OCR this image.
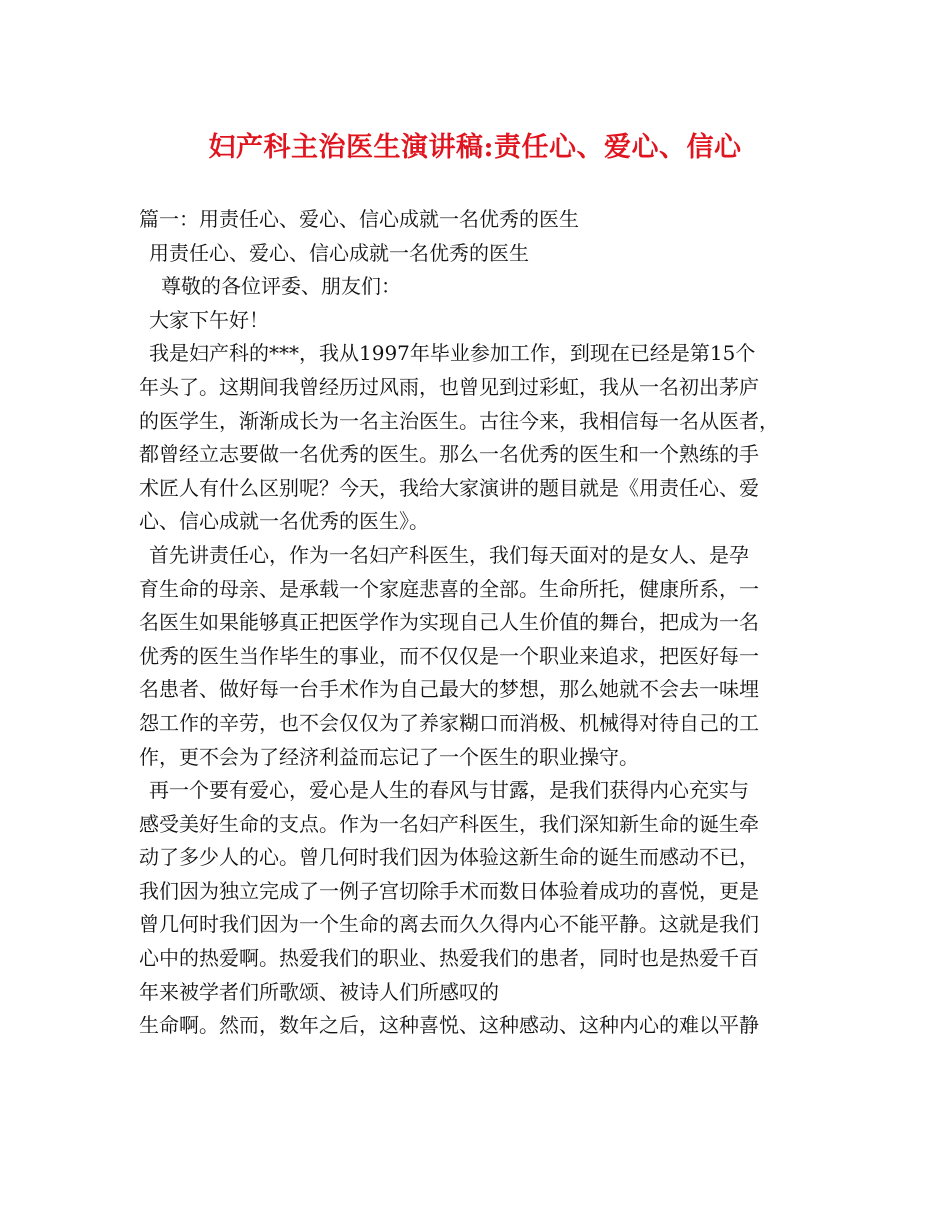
妇产科主治医生演讲稿:责任心、爱心、信心

篇一：用责任心、爱心、信心成就一名优秀的医生

用责任心、爱心、信心成就一名优秀的医生

尊敬的各位评委、朋友们：

大家下午好！

我是妇产科的***，我从1997年毕业参加工作，到现在已经是第15个

年头了。这期间我曾经历过风雨，也曾见到过彩虹，我从一名初出茅庐

的医学生，渐渐成长为一名主治医生。古往今来，我相信每一名从医者，

都曾经立志要做一名优秀的医生。那么一名优秀的医生和一个熟练的手

术匠人有什么区别呢？今天，我给大家演讲的题目就是《用责任心、爱

心、信心成就一名优秀的医生》。

首先讲责任心，作为一名妇产科医生，我们每天面对的是女人、是孕

育生命的母亲、是承载一个家庭悲喜的全部。生命所托，健康所系，一

名医生如果能够真正把医学作为实现自己人生价值的舞台，把成为一名

优秀的医生当作毕生的事业，而不仅仅是一个职业来追求，把医好每一

名患者、做好每一台手术作为自己最大的梦想，那么她就不会去一味埋

怨工作的辛劳，也不会仅仅为了养家糊口而消极、机械得对待自己的工

作，更不会为了经济利益而忘记了一个医生的职业操守。

再一个要有爱心，爱心是人生的春风与甘露，是我们获得内心充实与

感受美好生命的支点。作为一名妇产科医生，我们深知新生命的诞生牵

动了多少人的心。曾几何时我们因为体验这新生命的诞生而感动不已，

我们因为独立完成了一例子宫切除手术而数日体验着成功的喜悦，更是

曾几何时我们因为一个生命的离去而久久得内心不能平静。这就是我们

心中的热爱啊。热爱我们的职业、热爱我们的患者，同时也是热爱千百

年来被学者们所歌颂、被诗人们所感叹的

生命啊。然而，数年之后，这种喜悦、这种感动、这种内心的难以平静
